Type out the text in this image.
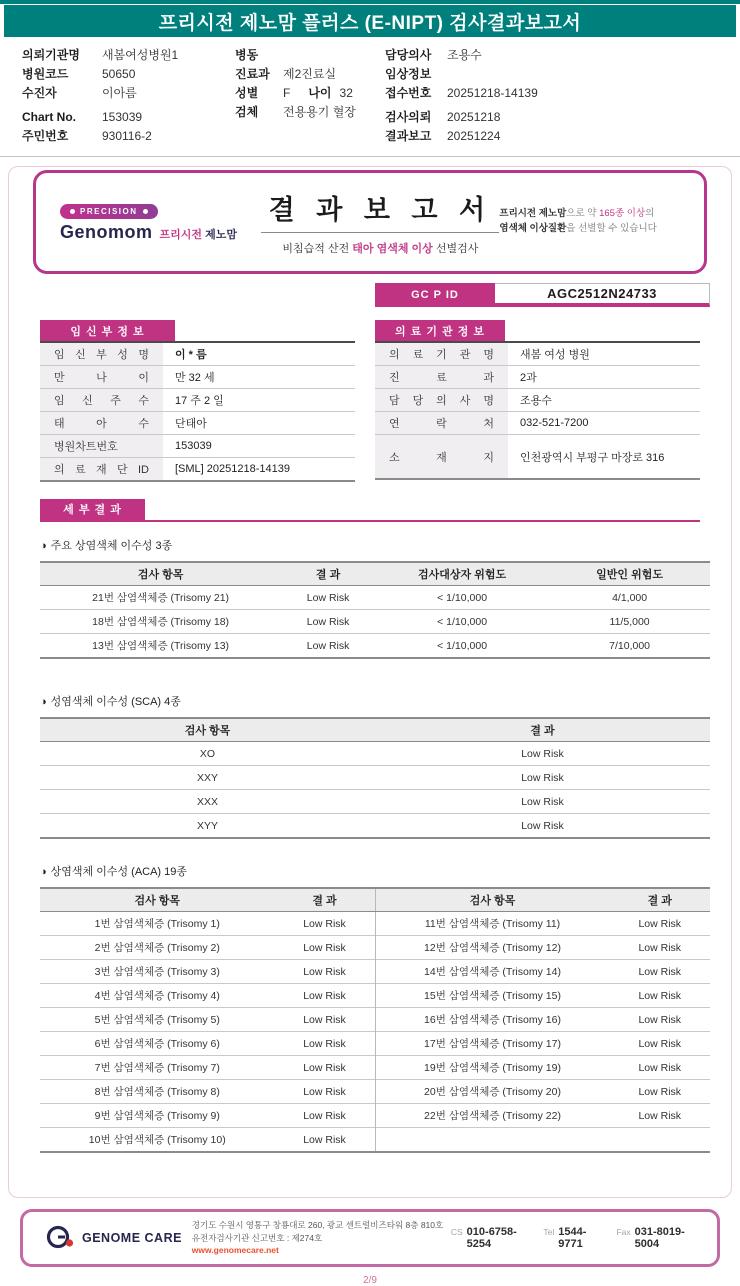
프리시전 제노맘 플러스 (E-NIPT) 검사결과보고서
의뢰기관명	새봄여성병원1
병원코드	50650
수진자	이아름
Chart No.	153039
주민번호	930116-2
병동
진료과	제2진료실
성별	F 나이 32
검체	전용용기 혈장
담당의사	조용수
임상정보
접수번호	20251218-14139
검사의뢰	20251218
결과보고	20251224
PRECISION
Genomom 프리시전 제노맘
결 과 보 고 서
비침습적 산전 태아 염색체 이상 선별검사
프리시전 제노맘으로 약 165종 이상의
염색체 이상질환을 선별할 수 있습니다
GC P ID	AGC2512N24733
임 신 부 정 보
임 신 부 성 명	이 * 름
만 나 이	만 32 세
임 신 주 수	17 주 2 일
태 아 수	단태아
병원차트번호	153039
의 료 재 단 ID	[SML] 20251218-14139
의 료 기 관 정 보
의 료 기 관 명	새봄 여성 병원
진 료 과	2과
담 당 의 사 명	조용수
연 락 처	032-521-7200
소 재 지	인천광역시 부평구 마장로 316
세 부 결 과
◑ 주요 상염색체 이수성 3종
검사 항목	결 과	검사대상자 위험도	일반인 위험도
21번 삼염색체증 (Trisomy 21)	Low Risk	< 1/10,000	4/1,000
18번 삼염색체증 (Trisomy 18)	Low Risk	< 1/10,000	11/5,000
13번 삼염색체증 (Trisomy 13)	Low Risk	< 1/10,000	7/10,000
◑ 성염색체 이수성 (SCA) 4종
검사 항목	결 과
XO	Low Risk
XXY	Low Risk
XXX	Low Risk
XYY	Low Risk
◑ 상염색체 이수성 (ACA) 19종
검사 항목	결 과	검사 항목	결 과
1번 삼염색체증 (Trisomy 1)	Low Risk	11번 삼염색체증 (Trisomy 11)	Low Risk
2번 삼염색체증 (Trisomy 2)	Low Risk	12번 삼염색체증 (Trisomy 12)	Low Risk
3번 삼염색체증 (Trisomy 3)	Low Risk	14번 삼염색체증 (Trisomy 14)	Low Risk
4번 삼염색체증 (Trisomy 4)	Low Risk	15번 삼염색체증 (Trisomy 15)	Low Risk
5번 삼염색체증 (Trisomy 5)	Low Risk	16번 삼염색체증 (Trisomy 16)	Low Risk
6번 삼염색체증 (Trisomy 6)	Low Risk	17번 삼염색체증 (Trisomy 17)	Low Risk
7번 삼염색체증 (Trisomy 7)	Low Risk	19번 삼염색체증 (Trisomy 19)	Low Risk
8번 삼염색체증 (Trisomy 8)	Low Risk	20번 삼염색체증 (Trisomy 20)	Low Risk
9번 삼염색체증 (Trisomy 9)	Low Risk	22번 삼염색체증 (Trisomy 22)	Low Risk
10번 삼염색체증 (Trisomy 10)	Low Risk		
GENOME CARE
경기도 수원시 영통구 창룡대로 260, 광교 센트럴비즈타워 8층 810호
유전자검사기관 신고번호 : 제274호
www.genomecare.net
CS 010-6758-5254
Tel 1544-9771
Fax 031-8019-5004
2/9
